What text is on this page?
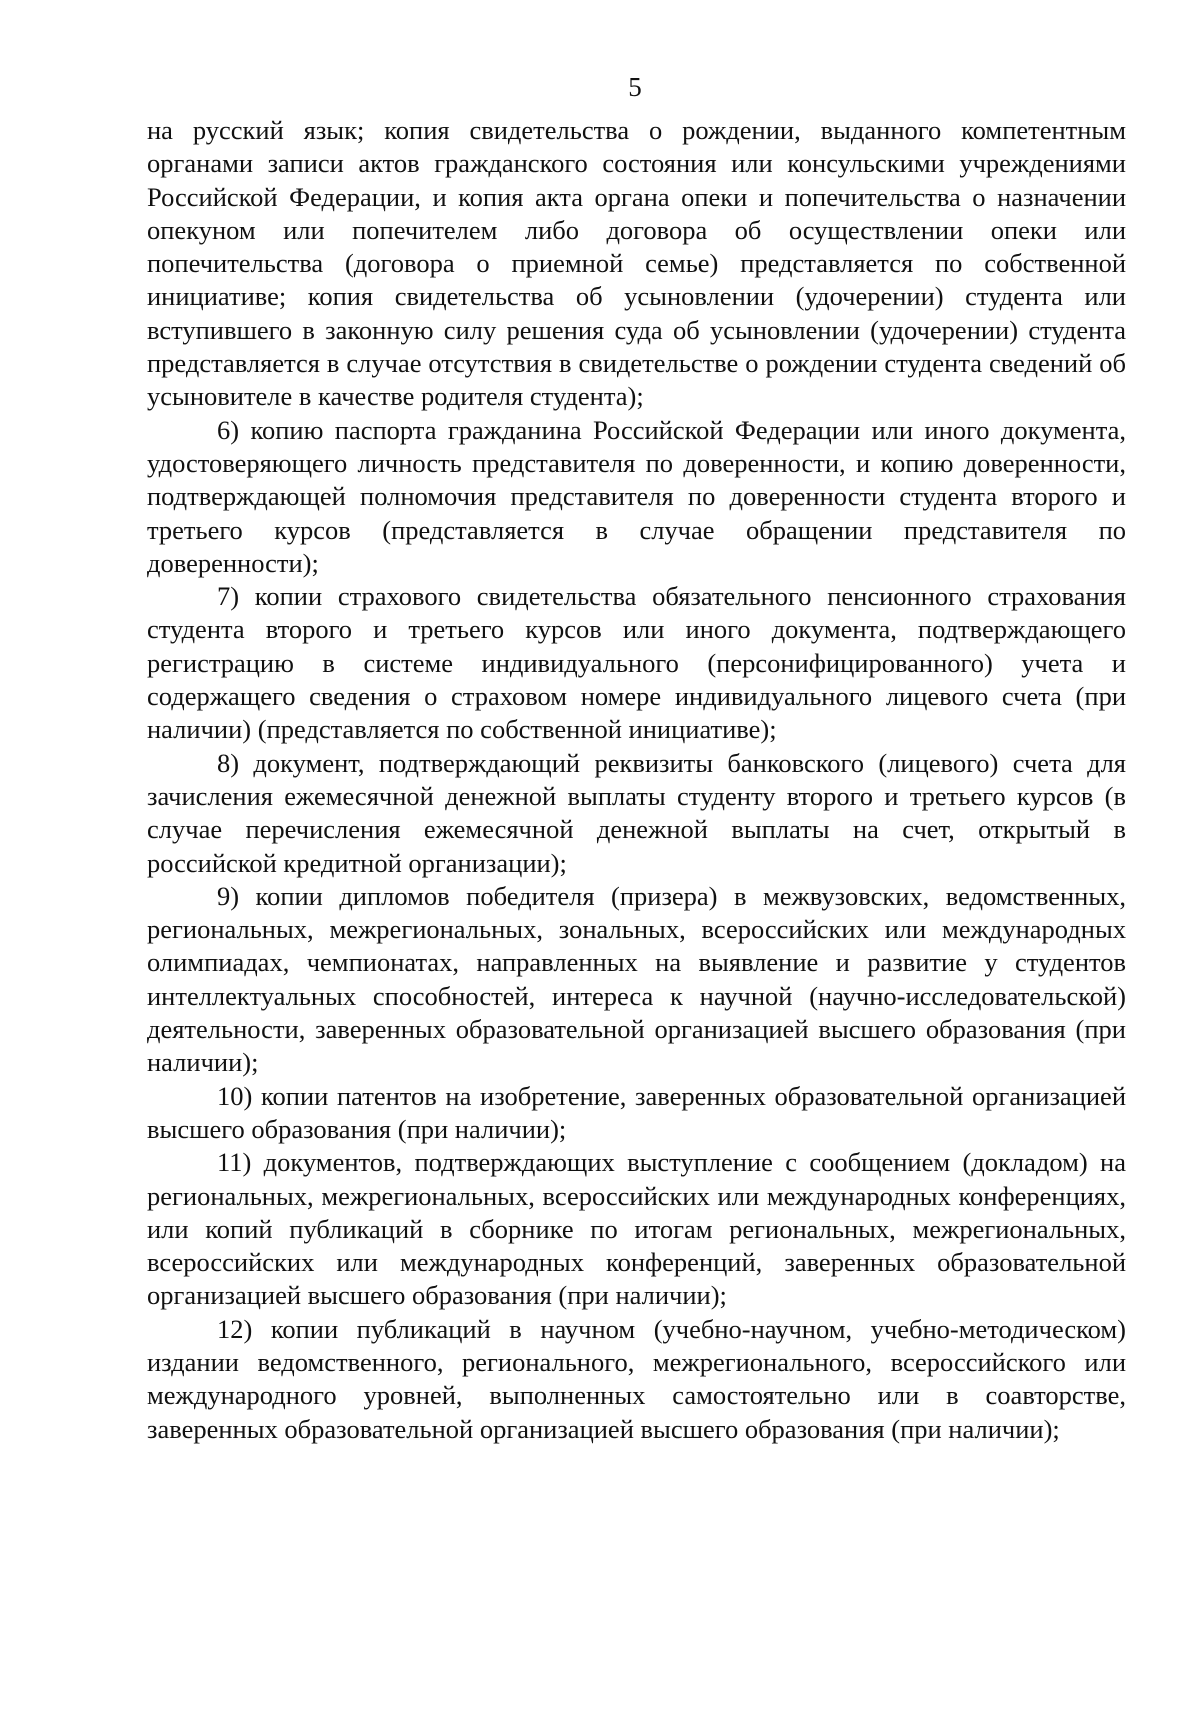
5

на русский язык; копия свидетельства о рождении, выданного компетентным органами записи актов гражданского состояния или консульскими учреждениями Российской Федерации, и копия акта органа опеки и попечительства о назначении опекуном или попечителем либо договора об осуществлении опеки или попечительства (договора о приемной семье) представляется по собственной инициативе; копия свидетельства об усыновлении (удочерении) студента или вступившего в законную силу решения суда об усыновлении (удочерении) студента представляется в случае отсутствия в свидетельстве о рождении студента сведений об усыновителе в качестве родителя студента);

6) копию паспорта гражданина Российской Федерации или иного документа, удостоверяющего личность представителя по доверенности, и копию доверенности, подтверждающей полномочия представителя по доверенности студента второго и третьего курсов (представляется в случае обращении представителя по доверенности);

7) копии страхового свидетельства обязательного пенсионного страхования студента второго и третьего курсов или иного документа, подтверждающего регистрацию в системе индивидуального (персонифицированного) учета и содержащего сведения о страховом номере индивидуального лицевого счета (при наличии) (представляется по собственной инициативе);

8) документ, подтверждающий реквизиты банковского (лицевого) счета для зачисления ежемесячной денежной выплаты студенту второго и третьего курсов (в случае перечисления ежемесячной денежной выплаты на счет, открытый в российской кредитной организации);

9) копии дипломов победителя (призера) в межвузовских, ведомственных, региональных, межрегиональных, зональных, всероссийских или международных олимпиадах, чемпионатах, направленных на выявление и развитие у студентов интеллектуальных способностей, интереса к научной (научно-исследовательской) деятельности, заверенных образовательной организацией высшего образования (при наличии);

10) копии патентов на изобретение, заверенных образовательной организацией высшего образования (при наличии);

11) документов, подтверждающих выступление с сообщением (докладом) на региональных, межрегиональных, всероссийских или международных конференциях, или копий публикаций в сборнике по итогам региональных, межрегиональных, всероссийских или международных конференций, заверенных образовательной организацией высшего образования (при наличии);

12) копии публикаций в научном (учебно-научном, учебно-методическом) издании ведомственного, регионального, межрегионального, всероссийского или международного уровней, выполненных самостоятельно или в соавторстве, заверенных образовательной организацией высшего образования (при наличии);
